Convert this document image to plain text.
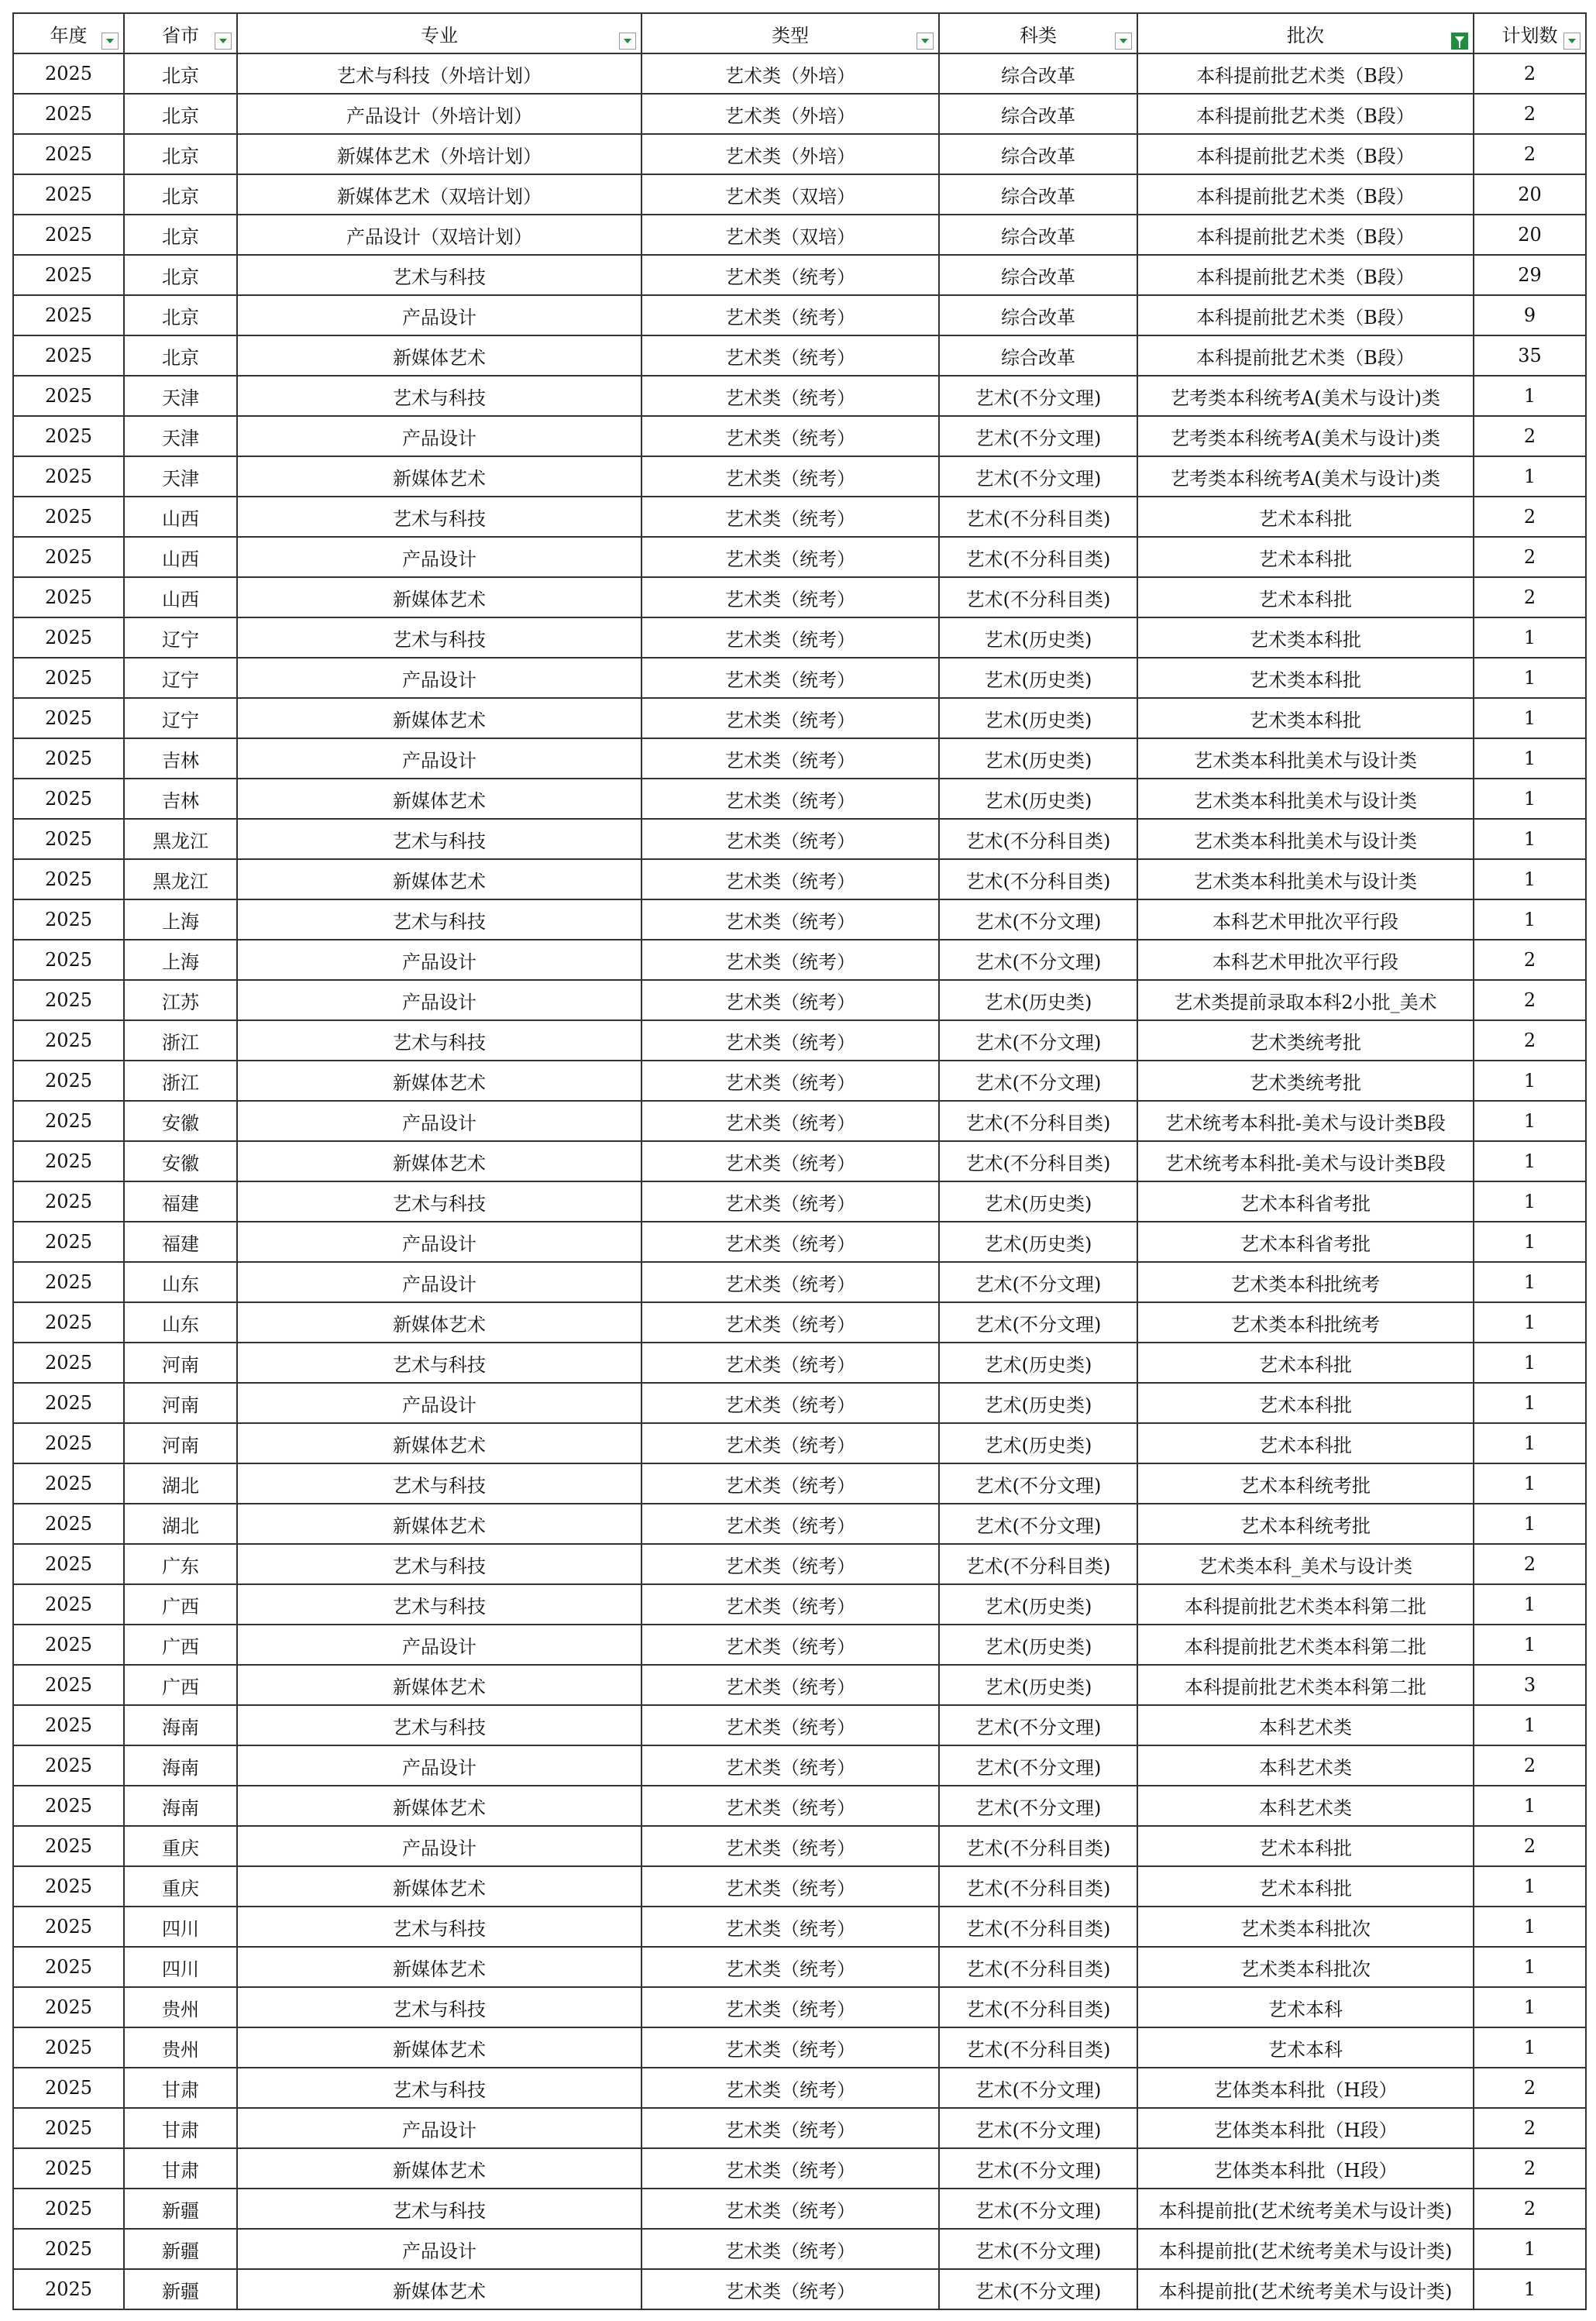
年度	省市	专业	类型	科类	批次	计划数

2025	北京	艺术与科技（外培计划）	艺术类（外培）	综合改革	本科提前批艺术类（B段）	2
2025	北京	产品设计（外培计划）	艺术类（外培）	综合改革	本科提前批艺术类（B段）	2
2025	北京	新媒体艺术（外培计划）	艺术类（外培）	综合改革	本科提前批艺术类（B段）	2
2025	北京	新媒体艺术（双培计划）	艺术类（双培）	综合改革	本科提前批艺术类（B段）	20
2025	北京	产品设计（双培计划）	艺术类（双培）	综合改革	本科提前批艺术类（B段）	20
2025	北京	艺术与科技	艺术类（统考）	综合改革	本科提前批艺术类（B段）	29
2025	北京	产品设计	艺术类（统考）	综合改革	本科提前批艺术类（B段）	9
2025	北京	新媒体艺术	艺术类（统考）	综合改革	本科提前批艺术类（B段）	35
2025	天津	艺术与科技	艺术类（统考）	艺术(不分文理)	艺考类本科统考A(美术与设计)类	1
2025	天津	产品设计	艺术类（统考）	艺术(不分文理)	艺考类本科统考A(美术与设计)类	2
2025	天津	新媒体艺术	艺术类（统考）	艺术(不分文理)	艺考类本科统考A(美术与设计)类	1
2025	山西	艺术与科技	艺术类（统考）	艺术(不分科目类)	艺术本科批	2
2025	山西	产品设计	艺术类（统考）	艺术(不分科目类)	艺术本科批	2
2025	山西	新媒体艺术	艺术类（统考）	艺术(不分科目类)	艺术本科批	2
2025	辽宁	艺术与科技	艺术类（统考）	艺术(历史类)	艺术类本科批	1
2025	辽宁	产品设计	艺术类（统考）	艺术(历史类)	艺术类本科批	1
2025	辽宁	新媒体艺术	艺术类（统考）	艺术(历史类)	艺术类本科批	1
2025	吉林	产品设计	艺术类（统考）	艺术(历史类)	艺术类本科批美术与设计类	1
2025	吉林	新媒体艺术	艺术类（统考）	艺术(历史类)	艺术类本科批美术与设计类	1
2025	黑龙江	艺术与科技	艺术类（统考）	艺术(不分科目类)	艺术类本科批美术与设计类	1
2025	黑龙江	新媒体艺术	艺术类（统考）	艺术(不分科目类)	艺术类本科批美术与设计类	1
2025	上海	艺术与科技	艺术类（统考）	艺术(不分文理)	本科艺术甲批次平行段	1
2025	上海	产品设计	艺术类（统考）	艺术(不分文理)	本科艺术甲批次平行段	2
2025	江苏	产品设计	艺术类（统考）	艺术(历史类)	艺术类提前录取本科2小批_美术	2
2025	浙江	艺术与科技	艺术类（统考）	艺术(不分文理)	艺术类统考批	2
2025	浙江	新媒体艺术	艺术类（统考）	艺术(不分文理)	艺术类统考批	1
2025	安徽	产品设计	艺术类（统考）	艺术(不分科目类)	艺术统考本科批-美术与设计类B段	1
2025	安徽	新媒体艺术	艺术类（统考）	艺术(不分科目类)	艺术统考本科批-美术与设计类B段	1
2025	福建	艺术与科技	艺术类（统考）	艺术(历史类)	艺术本科省考批	1
2025	福建	产品设计	艺术类（统考）	艺术(历史类)	艺术本科省考批	1
2025	山东	产品设计	艺术类（统考）	艺术(不分文理)	艺术类本科批统考	1
2025	山东	新媒体艺术	艺术类（统考）	艺术(不分文理)	艺术类本科批统考	1
2025	河南	艺术与科技	艺术类（统考）	艺术(历史类)	艺术本科批	1
2025	河南	产品设计	艺术类（统考）	艺术(历史类)	艺术本科批	1
2025	河南	新媒体艺术	艺术类（统考）	艺术(历史类)	艺术本科批	1
2025	湖北	艺术与科技	艺术类（统考）	艺术(不分文理)	艺术本科统考批	1
2025	湖北	新媒体艺术	艺术类（统考）	艺术(不分文理)	艺术本科统考批	1
2025	广东	艺术与科技	艺术类（统考）	艺术(不分科目类)	艺术类本科_美术与设计类	2
2025	广西	艺术与科技	艺术类（统考）	艺术(历史类)	本科提前批艺术类本科第二批	1
2025	广西	产品设计	艺术类（统考）	艺术(历史类)	本科提前批艺术类本科第二批	1
2025	广西	新媒体艺术	艺术类（统考）	艺术(历史类)	本科提前批艺术类本科第二批	3
2025	海南	艺术与科技	艺术类（统考）	艺术(不分文理)	本科艺术类	1
2025	海南	产品设计	艺术类（统考）	艺术(不分文理)	本科艺术类	2
2025	海南	新媒体艺术	艺术类（统考）	艺术(不分文理)	本科艺术类	1
2025	重庆	产品设计	艺术类（统考）	艺术(不分科目类)	艺术本科批	2
2025	重庆	新媒体艺术	艺术类（统考）	艺术(不分科目类)	艺术本科批	1
2025	四川	艺术与科技	艺术类（统考）	艺术(不分科目类)	艺术类本科批次	1
2025	四川	新媒体艺术	艺术类（统考）	艺术(不分科目类)	艺术类本科批次	1
2025	贵州	艺术与科技	艺术类（统考）	艺术(不分科目类)	艺术本科	1
2025	贵州	新媒体艺术	艺术类（统考）	艺术(不分科目类)	艺术本科	1
2025	甘肃	艺术与科技	艺术类（统考）	艺术(不分文理)	艺体类本科批（H段）	2
2025	甘肃	产品设计	艺术类（统考）	艺术(不分文理)	艺体类本科批（H段）	2
2025	甘肃	新媒体艺术	艺术类（统考）	艺术(不分文理)	艺体类本科批（H段）	2
2025	新疆	艺术与科技	艺术类（统考）	艺术(不分文理)	本科提前批(艺术统考美术与设计类)	2
2025	新疆	产品设计	艺术类（统考）	艺术(不分文理)	本科提前批(艺术统考美术与设计类)	1
2025	新疆	新媒体艺术	艺术类（统考）	艺术(不分文理)	本科提前批(艺术统考美术与设计类)	1
